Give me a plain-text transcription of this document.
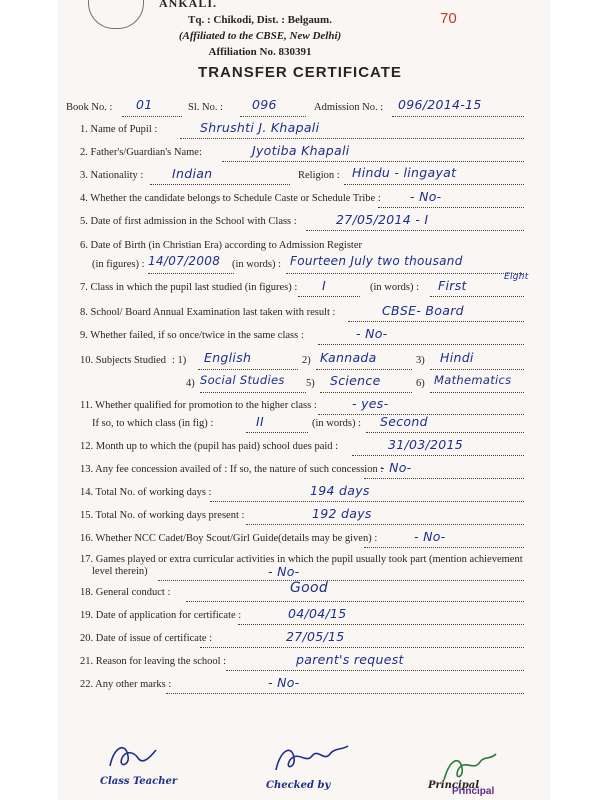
ANKALI.
Tq. : Chikodi, Dist. : Belgaum.
(Affiliated to the CBSE, New Delhi)
Affiliation No. 830391
70
TRANSFER CERTIFICATE
Book No. : 01	Sl. No. : 096	Admission No. : 096/2014-15
1. Name of Pupil :	Shrushti J. Khapali
2. Father's/Guardian's Name:	Jyotiba Khapali
3. Nationality : Indian	Religion : Hindu - lingayat
4. Whether the candidate belongs to Schedule Caste or Schedule Tribe : - No-
5. Date of first admission in the School with Class :	27/05/2014 - I
6. Date of Birth (in Christian Era) according to Admission Register
(in figures) : 14/07/2008 (in words) : Fourteen July two thousand
Eight
7. Class in which the pupil last studied (in figures) : I	(in words) : First
8. School/ Board Annual Examination last taken with result :	CBSE- Board
9. Whether failed, if so once/twice in the same class :	- No-
10. Subjects Studied : 1) English	2) Kannada	3) Hindi
4) Social Studies 5) Science	6) Mathematics
11. Whether qualified for promotion to the higher class :	- yes-
If so, to which class (in fig) :	II	(in words) : Second
12. Month up to which the (pupil has paid) school dues paid :	31/03/2015
13. Any fee concession availed of : If so, the nature of such concession :
- No-
14. Total No. of working days :	194 days
15. Total No. of working days present :	192 days
16. Whether NCC Cadet/Boy Scout/Girl Guide(details may be given) :	- No-
17. Games played or extra curricular activities in which the pupil usually took part (mention achievement
level therein)	- No-
18. General conduct :	Good
19. Date of application for certificate :	04/04/15
20. Date of issue of certificate :	27/05/15
21. Reason for leaving the school :	parent's request
22. Any other marks :	- No-
Class Teacher	Checked by	Principal
Principal
